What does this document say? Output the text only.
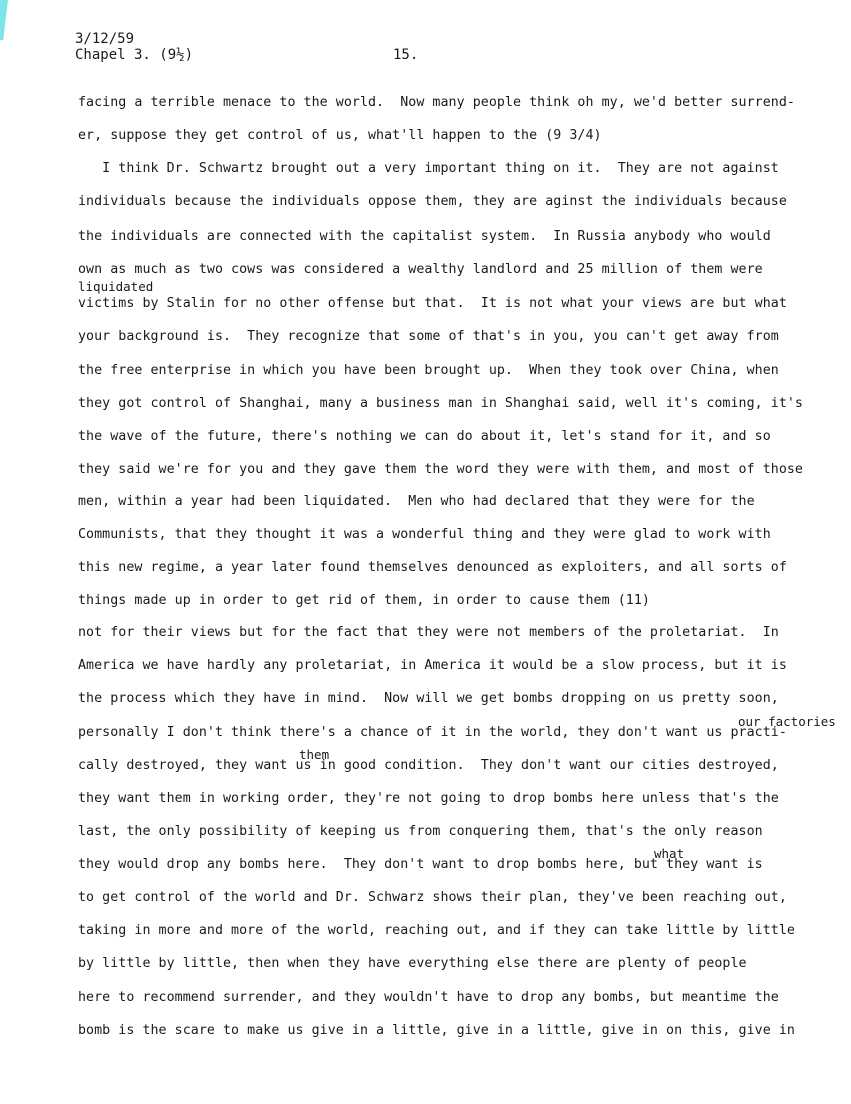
3/12/59
Chapel 3. (9½)	15.
facing a terrible menace to the world.  Now many people think oh my, we'd better surrend-
er, suppose they get control of us, what'll happen to the (9 3/4)
I think Dr. Schwartz brought out a very important thing on it.  They are not against
individuals because the individuals oppose them, they are aginst the individuals because
the individuals are connected with the capitalist system.  In Russia anybody who would
own as much as two cows was considered a wealthy landlord and 25 million of them were
liquidated
victims by Stalin for no other offense but that.  It is not what your views are but what
your background is.  They recognize that some of that's in you, you can't get away from
the free enterprise in which you have been brought up.  When they took over China, when
they got control of Shanghai, many a business man in Shanghai said, well it's coming, it's
the wave of the future, there's nothing we can do about it, let's stand for it, and so
they said we're for you and they gave them the word they were with them, and most of those
men, within a year had been liquidated.  Men who had declared that they were for the
Communists, that they thought it was a wonderful thing and they were glad to work with
this new regime, a year later found themselves denounced as exploiters, and all sorts of
things made up in order to get rid of them, in order to cause them (11)
not for their views but for the fact that they were not members of the proletariat.  In
America we have hardly any proletariat, in America it would be a slow process, but it is
the process which they have in mind.  Now will we get bombs dropping on us pretty soon,
our factories
personally I don't think there's a chance of it in the world, they don't want us practi-
them
cally destroyed, they want us in good condition.  They don't want our cities destroyed,
they want them in working order, they're not going to drop bombs here unless that's the
last, the only possibility of keeping us from conquering them, that's the only reason
what
they would drop any bombs here.  They don't want to drop bombs here, but they want is
to get control of the world and Dr. Schwarz shows their plan, they've been reaching out,
taking in more and more of the world, reaching out, and if they can take little by little
by little by little, then when they have everything else there are plenty of people
here to recommend surrender, and they wouldn't have to drop any bombs, but meantime the
bomb is the scare to make us give in a little, give in a little, give in on this, give in
